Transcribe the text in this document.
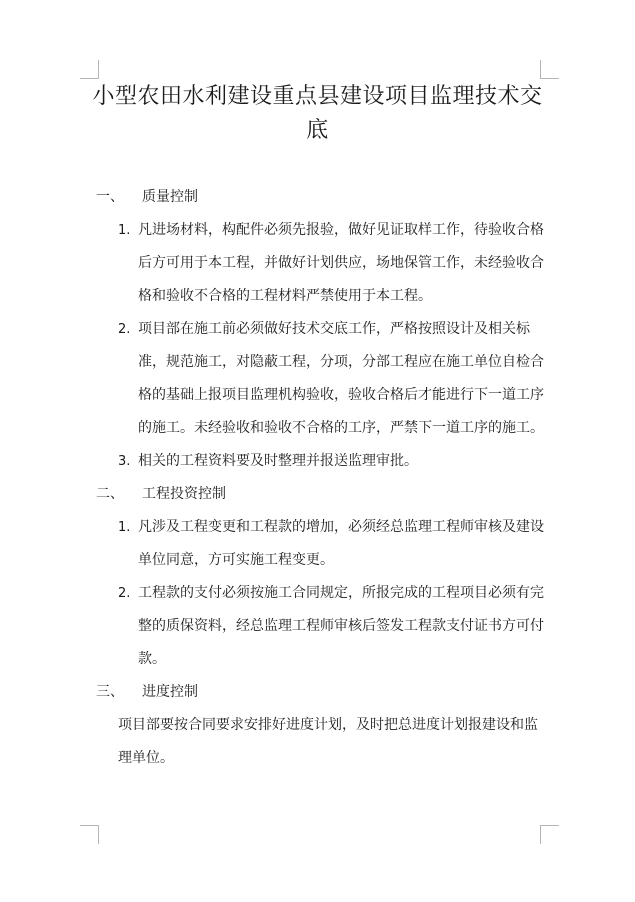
小型农田水利建设重点县建设项目监理技术交底
一、 质量控制
1. 凡进场材料，构配件必须先报验，做好见证取样工作，待验收合格后方可用于本工程，并做好计划供应，场地保管工作，未经验收合格和验收不合格的工程材料严禁使用于本工程。
2. 项目部在施工前必须做好技术交底工作，严格按照设计及相关标准，规范施工，对隐蔽工程，分项，分部工程应在施工单位自检合格的基础上报项目监理机构验收，验收合格后才能进行下一道工序的施工。未经验收和验收不合格的工序，严禁下一道工序的施工。
3. 相关的工程资料要及时整理并报送监理审批。
二、 工程投资控制
1. 凡涉及工程变更和工程款的增加，必须经总监理工程师审核及建设单位同意，方可实施工程变更。
2. 工程款的支付必须按施工合同规定，所报完成的工程项目必须有完整的质保资料，经总监理工程师审核后签发工程款支付证书方可付款。
三、 进度控制
项目部要按合同要求安排好进度计划，及时把总进度计划报建设和监理单位。
